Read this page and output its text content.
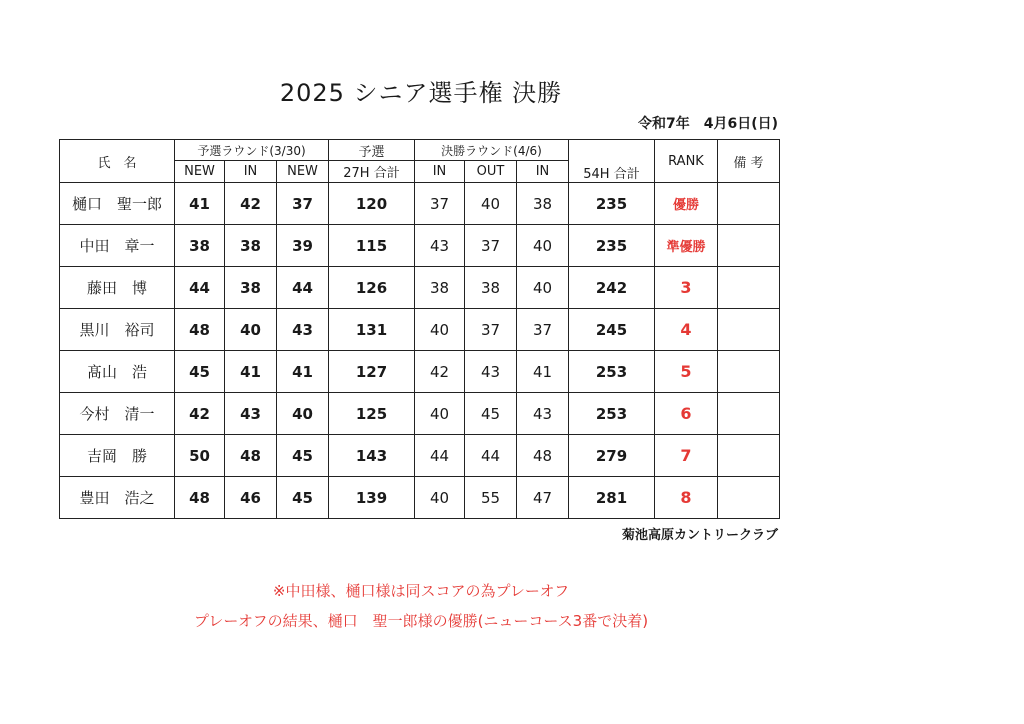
2025 シニア選手権 決勝
令和7年　4月6日(日)
氏　名	予選ラウンド(3/30)			予選	決勝ラウンド(4/6)			54H 合計	RANK	備 考
	NEW	IN	NEW	27H 合計	IN	OUT	IN			
樋口　聖一郎	41	42	37	120	37	40	38	235	優勝	
中田　章一	38	38	39	115	43	37	40	235	準優勝	
藤田　博	44	38	44	126	38	38	40	242	3	
黒川　裕司	48	40	43	131	40	37	37	245	4	
髙山　浩	45	41	41	127	42	43	41	253	5	
今村　清一	42	43	40	125	40	45	43	253	6	
吉岡　勝	50	48	45	143	44	44	48	279	7	
豊田　浩之	48	46	45	139	40	55	47	281	8	
菊池高原カントリークラブ
※中田様、樋口様は同スコアの為プレーオフ
プレーオフの結果、樋口　聖一郎様の優勝(ニューコース3番で決着)
